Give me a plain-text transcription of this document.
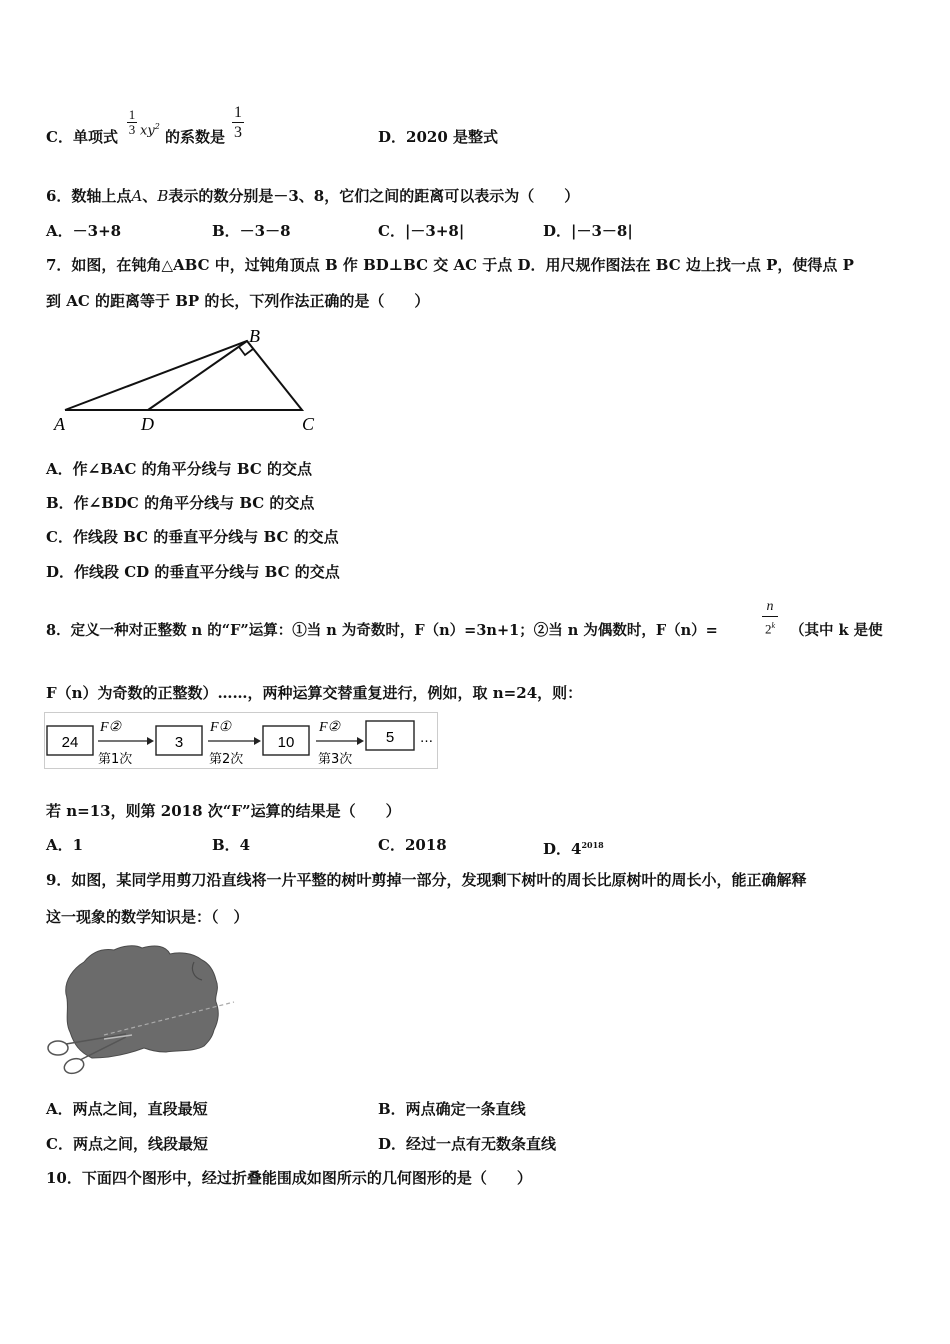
C．单项式 $\frac{1}{3} xy^2$
的系数是 $\frac{1}{3}$	D．2020 是整式
6．数轴上点A、B表示的数分别是－3、8，它们之间的距离可以表示为（　　）
A．－3+8	B．－3－8	C．|－3+8|	D．|－3－8|
7．如图，在钝角△ABC 中，过钝角顶点 B 作 BD⊥BC 交 AC 于点 D．用尺规作图法在 BC 边上找一点 P，使得点 P
到 AC 的距离等于 BP 的长，下列作法正确的是（　　）
A	D
B
C
A．作∠BAC 的角平分线与 BC 的交点
B．作∠BDC 的角平分线与 BC 的交点
C．作线段 BC 的垂直平分线与 BC 的交点
D．作线段 CD 的垂直平分线与 BC 的交点
8．定义一种对正整数 n 的“F”运算：①当 n 为奇数时，F（n）=3n+1；②当 n 为偶数时，F（n）=	$\frac{n}{2^k}$ （其中 k 是使
F（n）为奇数的正整数）……，两种运算交替重复进行，例如，取 n=24，则：
24
F②
第1次
3
F①
第2次
10
F②
第3次
5 …
若 n=13，则第 2018 次“F”运算的结果是（　　）
A．1	B．4	C．2018	D．$4^{2018}$
9．如图，某同学用剪刀沿直线将一片平整的树叶剪掉一部分，发现剩下树叶的周长比原树叶的周长小，能正确解释
这一现象的数学知识是：（　）
A．两点之间，直段最短	B．两点确定一条直线
C．两点之间，线段最短	D．经过一点有无数条直线
10．下面四个图形中，经过折叠能围成如图所示的几何图形的是（　　）
